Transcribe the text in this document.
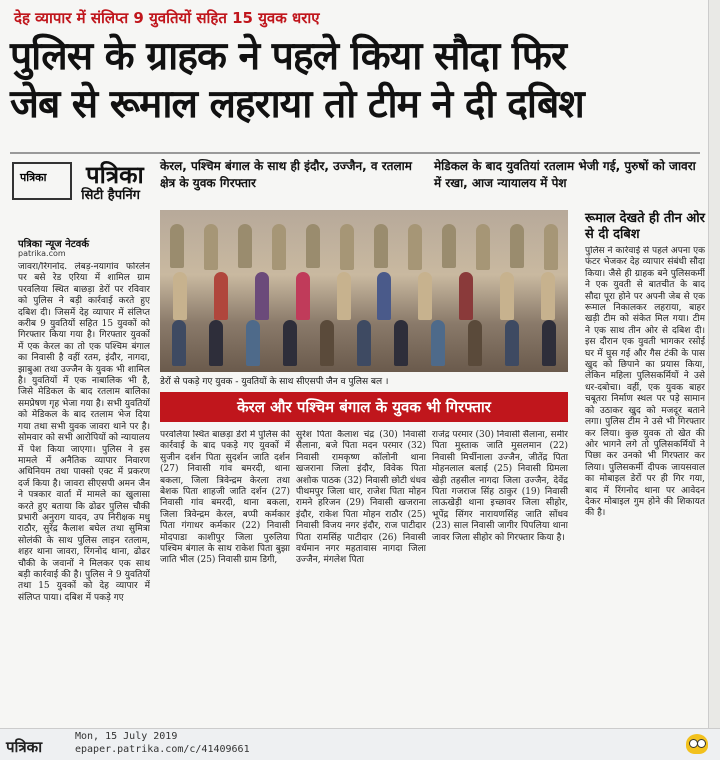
देह व्यापार में संलिप्त 9 युवतियों सहित 15 युवक धराए
पुलिस के ग्राहक ने पहले किया सौदा फिर
जेब से रूमाल लहराया तो टीम ने दी दबिश
पत्रिका पत्रिका
सिटी हैपनिंग
केरल, पश्चिम बंगाल के साथ ही इंदौर, उज्जैन, व रतलाम क्षेत्र के युवक गिरफ्तार
मेडिकल के बाद युवतियां रतलाम भेजी गई, पुरुषों को जावरा में रखा, आज न्यायालय में पेश
पत्रिका न्यूज नेटवर्क
patrika.com
जावरा/रिंगनोद. लेबड़-नयागांव फोरलेन पर बसे रेड एरिया में शामिल ग्राम परवलिया स्थित बाछड़ा डेरों पर रविवार को पुलिस ने बड़ी कार्रवाई करते हुए दबिश दी। जिसमें देह व्यापार में संलिप्त करीब 9 युवतियों सहित 15 युवकों को गिरफ्तार किया गया है। गिरफ्तार युवकों में एक केरल का तो एक पश्चिम बंगाल का निवासी है वहीं रतम, इंदौर, नागदा, झाबुआ तथा उज्जैन के युवक भी शामिल है। युवतियों में एक नाबालिक भी है, जिसे मेडिकल के बाद रतलाम बालिका समप्रेषण गृह भेजा गया है। सभी युवतियों को मेडिकल के बाद रतलाम भेज दिया गया तथा सभी युवक जावरा थाने पर है। सोमवार को सभी आरोपियों को न्यायालय में पेश किया जाएगा। पुलिस ने इस मामले में अनैतिक व्यापार निवारण अधिनियम तथा पाक्सो एक्ट में प्रकरण दर्ज किया है। जावरा सीएसपी अमन जैन ने पत्रकार वार्ता में मामले का खुलासा करते हुए बताया कि ढोढर पुलिस चौकी प्रभारी अनुराग यादव, उप निरीक्षक मधु राठौर, सुरेंद्र कैलाश बघेल तथा सुमित्रा सोलंकी के साथ पुलिस लाइन रतलाम, शहर थाना जावरा, रिंगनोद थाना, ढोढर चौकी के जवानों ने मिलकर एक साथ बड़ी कार्रवाई की है। पुलिस ने 9 युवतियों तथा 15 युवकों को देह व्यापार में संलिप्त पाया। दबिश में पकड़े गए
डेरों से पकड़े गए युवक - युवतियों के साथ सीएसपी जैन व पुलिस बल ।
रूमाल देखते ही तीन ओर से दी दबिश
पुलिस ने कार्रवाई से पहले अपना एक फंटर भेजकर देह व्यापार संबंधी सौदा किया। जैसे ही ग्राहक बने पुलिसकर्मी ने एक युवती से बातचीत के बाद सौदा पूरा होने पर अपनी जेब से एक रूमाल निकालकर लहराया, बाहर खड़ी टीम को संकेत मिल गया। टीम ने एक साथ तीन ओर से दबिश दी। इस दौरान एक युवती भागकर रसोई घर में घुस गई और गैस टंकी के पास खुद को छिपाने का प्रयास किया, लेकिन महिला पुलिसकर्मियों ने उसे धर-दबोचा। वहीं, एक युवक बाहर चबूतरा निर्माण स्थल पर पड़े सामान को उठाकर खुद को मजदूर बताने लगा। पुलिस टीम ने उसे भी गिरफ्तार कर लिया। कुछ युवक तो खेत की ओर भागने लगे तो पुलिसकर्मियों ने पिछा कर उनको भी गिरफ्तार कर लिया। पुलिसकर्मी दीपक जायसवाल का मोबाइल डेरों पर ही गिर गया, बाद में रिंगनोद थाना पर आवेदन देकर मोबाइल गुम होने की शिकायत की है।
केरल और पश्चिम बंगाल के युवक भी गिरफ्तार
परवलिया स्थित बाछड़ा डेरो में पुलिस की कार्रवाई के बाद पकड़े गए युवकों में सुजीन दर्शन पिता सुदर्शन जाति दर्शन (27) निवासी गांव बमरदी, थाना बकला, जिला त्रिवेन्द्रम केरला तथा बेशक पिता शाहजी जाति दर्शन (27) निवासी गांव बमरदी, थाना बकला, जिला त्रिवेन्द्रम केरल, बप्पी कर्मकार पिता गंगाधर कर्मकार (22) निवासी मोदपाडा काशीपुर जिला पुरुलिया पश्चिम बंगाल के साथ राकेश पिता बुझा जाति भील (25) निवासी ग्राम डिगी,
सुरेश पिता कैलाश चंद्र (30) निवासी सैलाना, बजे पिता मदन परमार (32) निवासी रामकृष्ण कॉलोनी थाना खजराना जिला इंदौर, विवेक पिता अशोक पाठक (32) निवासी छोटी धंधव पीथमपुर जिला धार, राजेश पिता मोहन रामने हरिजन (29) निवासी खजराना इंदौर, राकेश पिता मोहन राठौर (25) निवासी विजय नगर इंदौर, राज पाटीदार पिता रामसिंह पाटीदार (26) निवासी वर्धमान नगर महतावास नागदा जिला उज्जैन, मंगलेश पिता
राजेंद्र परमार (30) निवासी सैलाना, समीर पिता मुस्ताक जाति मुसलमान (22) निवासी मिर्चीनाला उज्जैन, जीतेंद्र पिता मोहनलाल बलाई (25) निवासी ग्रिमला खेड़ी तहसील नागदा जिला उज्जैन, देवेंद्र पिता गजराज सिंह ठाकुर (19) निवासी लाऊखेड़ी थाना इच्छावर जिला सीहोर, भूपेंद्र सिंगर नारायणसिंह जाति सोंधव (23) साल निवासी जागीर पिपलिया थाना जावर जिला सीहोर को गिरफ्तार किया है।
पत्रिका
Mon, 15 July 2019
epaper.patrika.com/c/41409661
